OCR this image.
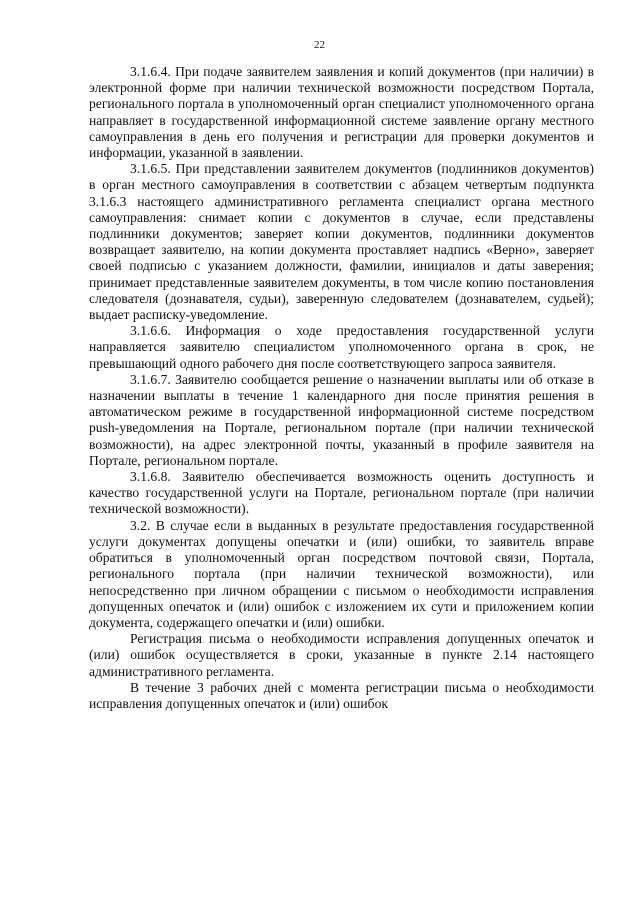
22

3.1.6.4. При подаче заявителем заявления и копий документов (при наличии) в электронной форме при наличии технической возможности посредством Портала, регионального портала в уполномоченный орган специалист уполномоченного органа направляет в государственной информационной системе заявление органу местного самоуправления в день его получения и регистрации для проверки документов и информации, указанной в заявлении.

3.1.6.5. При представлении заявителем документов (подлинников документов) в орган местного самоуправления в соответствии с абзацем четвертым подпункта 3.1.6.3 настоящего административного регламента специалист органа местного самоуправления: снимает копии с документов в случае, если представлены подлинники документов; заверяет копии документов, подлинники документов возвращает заявителю, на копии документа проставляет надпись «Верно», заверяет своей подписью с указанием должности, фамилии, инициалов и даты заверения; принимает представленные заявителем документы, в том числе копию постановления следователя (дознавателя, судьи), заверенную следователем (дознавателем, судьей); выдает расписку-уведомление.

3.1.6.6. Информация о ходе предоставления государственной услуги направляется заявителю специалистом уполномоченного органа в срок, не превышающий одного рабочего дня после соответствующего запроса заявителя.

3.1.6.7. Заявителю сообщается решение о назначении выплаты или об отказе в назначении выплаты в течение 1 календарного дня после принятия решения в автоматическом режиме в государственной информационной системе посредством push-уведомления на Портале, региональном портале (при наличии технической возможности), на адрес электронной почты, указанный в профиле заявителя на Портале, региональном портале.

3.1.6.8. Заявителю обеспечивается возможность оценить доступность и качество государственной услуги на Портале, региональном портале (при наличии технической возможности).

3.2. В случае если в выданных в результате предоставления государственной услуги документах допущены опечатки и (или) ошибки, то заявитель вправе обратиться в уполномоченный орган посредством почтовой связи, Портала, регионального портала (при наличии технической возможности), или непосредственно при личном обращении с письмом о необходимости исправления допущенных опечаток и (или) ошибок с изложением их сути и приложением копии документа, содержащего опечатки и (или) ошибки.

Регистрация письма о необходимости исправления допущенных опечаток и (или) ошибок осуществляется в сроки, указанные в пункте 2.14 настоящего административного регламента.

В течение 3 рабочих дней с момента регистрации письма о необходимости исправления допущенных опечаток и (или) ошибок
